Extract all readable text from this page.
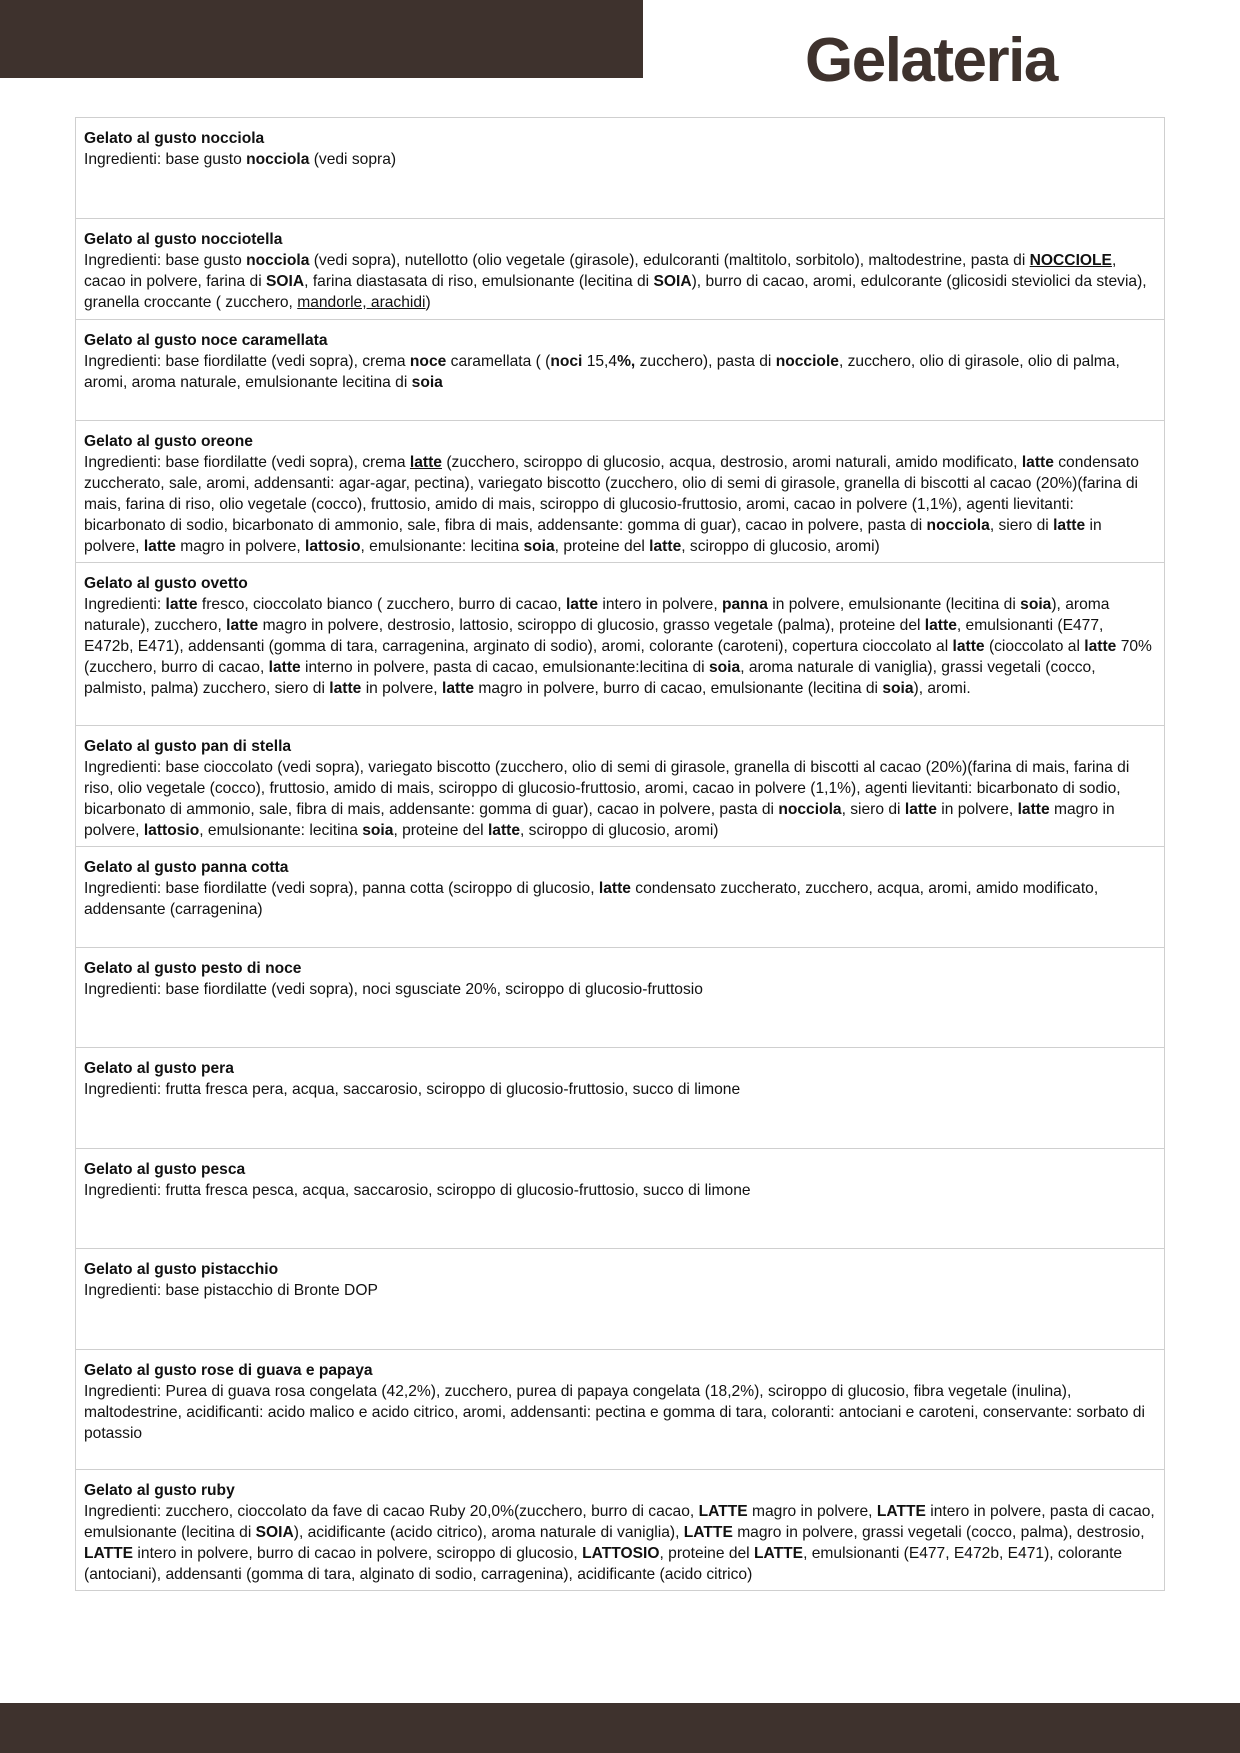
Gelateria

Gelato al gusto nocciola

Ingredienti: base gusto nocciola (vedi sopra)

Gelato al gusto nocciotella

Ingredienti: base gusto nocciola (vedi sopra), nutellotto (olio vegetale (girasole), edulcoranti (maltitolo, sorbitolo), maltodestrine, pasta di NOCCIOLE, cacao in polvere, farina di SOIA, farina diastasata di riso, emulsionante (lecitina di SOIA), burro di cacao, aromi, edulcorante (glicosidi steviolici da stevia), granella croccante ( zucchero, mandorle, arachidi)

Gelato al gusto noce caramellata

Ingredienti: base fiordilatte (vedi sopra), crema noce caramellata ( (noci 15,4%, zucchero), pasta di nocciole, zucchero, olio di girasole, olio di palma, aromi, aroma naturale, emulsionante lecitina di soia

Gelato al gusto oreone

Ingredienti: base fiordilatte (vedi sopra), crema latte (zucchero, sciroppo di glucosio, acqua, destrosio, aromi naturali, amido modificato, latte condensato zuccherato, sale, aromi, addensanti: agar-agar, pectina), variegato biscotto (zucchero, olio di semi di girasole, granella di biscotti al cacao (20%)(farina di mais, farina di riso, olio vegetale (cocco), fruttosio, amido di mais, sciroppo di glucosio-fruttosio, aromi, cacao in polvere (1,1%), agenti lievitanti: bicarbonato di sodio, bicarbonato di ammonio, sale, fibra di mais, addensante: gomma di guar), cacao in polvere, pasta di nocciola, siero di latte in polvere, latte magro in polvere, lattosio, emulsionante: lecitina soia, proteine del latte, sciroppo di glucosio, aromi)

Gelato al gusto ovetto

Ingredienti: latte fresco, cioccolato bianco ( zucchero, burro di cacao, latte intero in polvere, panna in polvere, emulsionante (lecitina di soia), aroma naturale), zucchero, latte magro in polvere, destrosio, lattosio, sciroppo di glucosio, grasso vegetale (palma), proteine del latte, emulsionanti (E477, E472b, E471), addensanti (gomma di tara, carragenina, arginato di sodio), aromi, colorante (caroteni), copertura cioccolato al latte (cioccolato al latte 70%(zucchero, burro di cacao, latte interno in polvere, pasta di cacao, emulsionante:lecitina di soia, aroma naturale di vaniglia), grassi vegetali (cocco, palmisto, palma) zucchero, siero di latte in polvere, latte magro in polvere, burro di cacao, emulsionante (lecitina di soia), aromi.

Gelato al gusto pan di stella

Ingredienti: base cioccolato (vedi sopra), variegato biscotto (zucchero, olio di semi di girasole, granella di biscotti al cacao (20%)(farina di mais, farina di riso, olio vegetale (cocco), fruttosio, amido di mais, sciroppo di glucosio-fruttosio, aromi, cacao in polvere (1,1%), agenti lievitanti: bicarbonato di sodio, bicarbonato di ammonio, sale, fibra di mais, addensante: gomma di guar), cacao in polvere, pasta di nocciola, siero di latte in polvere, latte magro in polvere, lattosio, emulsionante: lecitina soia, proteine del latte, sciroppo di glucosio, aromi)

Gelato al gusto panna cotta

Ingredienti: base fiordilatte (vedi sopra), panna cotta (sciroppo di glucosio, latte condensato zuccherato, zucchero, acqua, aromi, amido modificato, addensante (carragenina)

Gelato al gusto pesto di noce

Ingredienti: base fiordilatte (vedi sopra), noci sgusciate 20%, sciroppo di glucosio-fruttosio

Gelato al gusto pera

Ingredienti: frutta fresca pera, acqua, saccarosio, sciroppo di glucosio-fruttosio, succo di limone

Gelato al gusto pesca

Ingredienti: frutta fresca pesca, acqua, saccarosio, sciroppo di glucosio-fruttosio, succo di limone

Gelato al gusto pistacchio

Ingredienti: base pistacchio di Bronte DOP

Gelato al gusto rose di guava e papaya

Ingredienti: Purea di guava rosa congelata (42,2%), zucchero, purea di papaya congelata (18,2%), sciroppo di glucosio, fibra vegetale (inulina), maltodestrine, acidificanti: acido malico e acido citrico, aromi, addensanti: pectina e gomma di tara, coloranti: antociani e caroteni, conservante: sorbato di potassio

Gelato al gusto ruby

Ingredienti: zucchero, cioccolato da fave di cacao Ruby 20,0%(zucchero, burro di cacao, LATTE magro in polvere, LATTE intero in polvere, pasta di cacao, emulsionante (lecitina di SOIA), acidificante (acido citrico), aroma naturale di vaniglia), LATTE magro in polvere, grassi vegetali (cocco, palma), destrosio, LATTE intero in polvere, burro di cacao in polvere, sciroppo di glucosio, LATTOSIO, proteine del LATTE, emulsionanti (E477, E472b, E471), colorante (antociani), addensanti (gomma di tara, alginato di sodio, carragenina), acidificante (acido citrico)
